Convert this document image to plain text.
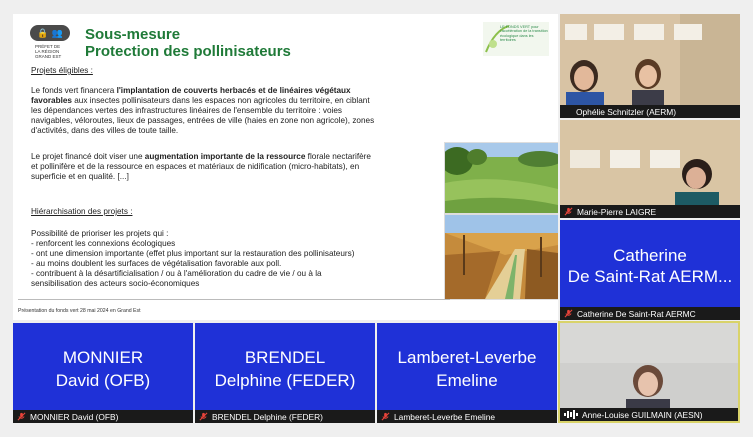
🔒 👥
PRÉFET DE LA RÉGION GRAND EST
LE FONDS VERT pour l'accélération de la transition écologique dans les territoires
Sous-mesure
Protection des pollinisateurs
Projets éligibles :
Le fonds vert financera l'implantation de couverts herbacés et de linéaires végétaux
favorables aux insectes pollinisateurs dans les espaces non agricoles du territoire, en ciblant
les dépendances vertes des infrastructures linéaires de l'ensemble du territoire : voies
navigables, véloroutes, lieux de passages, entrées de ville (haies en zone non agricole), zones
d'activités, dans des villes de toute taille.
Le projet financé doit viser une augmentation importante de la ressource florale nectarifère
et pollinifère et de la ressource en espaces et matériaux de nidification (micro-habitats), en
superficie et en qualité. [...]
Hiérarchisation des projets :
Possibilité de prioriser les projets qui :
- renforcent les connexions écologiques
- ont une dimension importante (effet plus important sur la restauration des pollinisateurs)
- au moins doublent les surfaces de végétalisation favorable aux poll.
- contribuent à la désartificialisation / ou à l'amélioration du cadre de vie / ou à la
sensibilisation des acteurs socio-économiques
Présentation du fonds vert 28 mai 2024 en Grand Est
Ophélie Schnitzler (AERM)
Marie-Pierre LAIGRE
Catherine
De Saint-Rat AERM...
Catherine De Saint-Rat AERMC
MONNIER
David (OFB)
MONNIER David (OFB)
BRENDEL
Delphine (FEDER)
BRENDEL Delphine (FEDER)
Lamberet-Leverbe
Emeline
Lamberet-Leverbe Emeline	Anne-Louise GUILMAIN (AESN)
